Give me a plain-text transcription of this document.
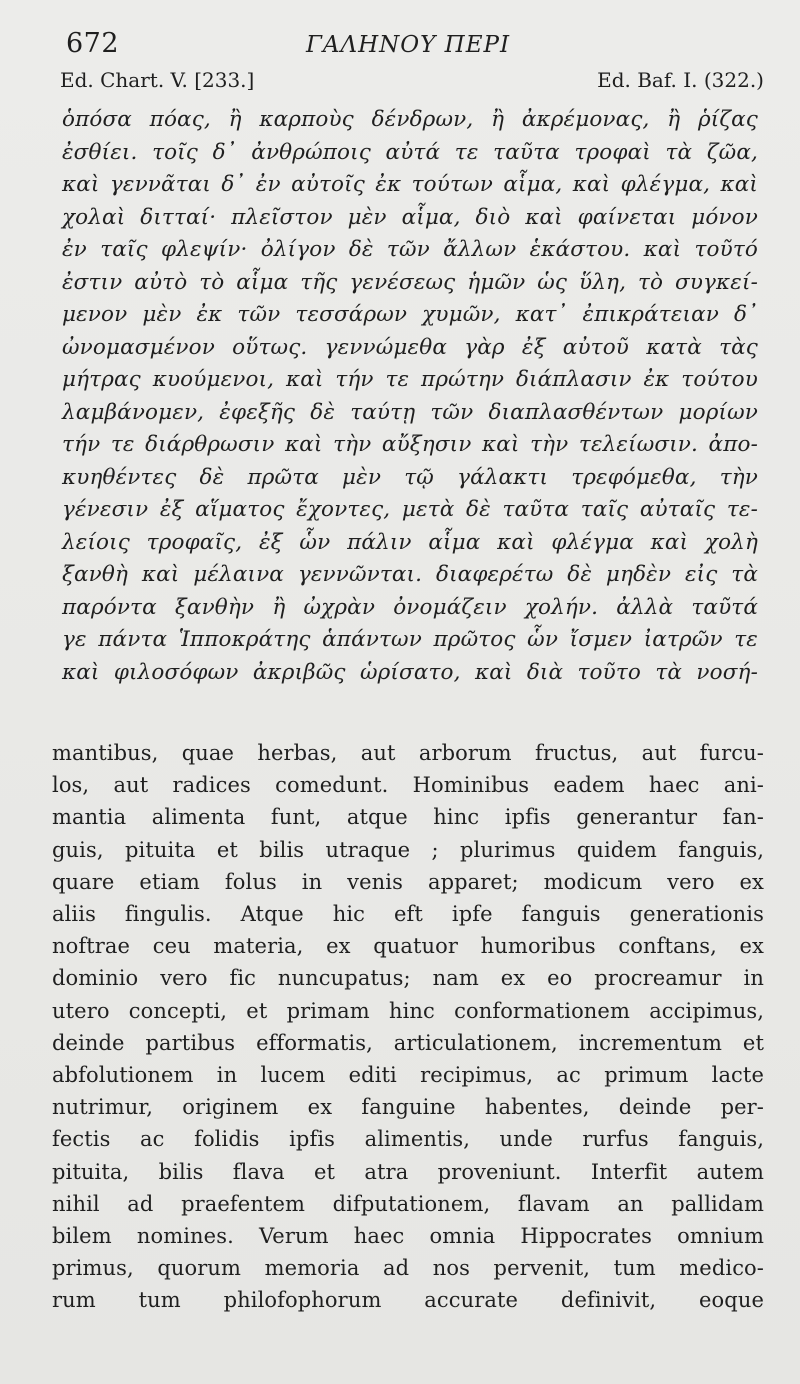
672	ΓΑΛΗΝΟΥ ΠΕΡΙ
Ed. Chart. V. [233.]	Ed. Baf. I. (322.)
ὁπόσα πόας, ἢ καρποὺς δένδρων, ἢ ἀκρέμονας, ἢ ῥίζας
ἐσθίει. τοῖς δ᾽ ἀνθρώποις αὐτά τε ταῦτα τροφαὶ τὰ ζῶα,
καὶ γεννᾶται δ᾽ ἐν αὐτοῖς ἐκ τούτων αἷμα, καὶ φλέγμα, καὶ
χολαὶ διτταί· πλεῖστον μὲν αἷμα, διὸ καὶ φαίνεται μόνον
ἐν ταῖς φλεψίν· ὀλίγον δὲ τῶν ἄλλων ἑκάστου. καὶ τοῦτό
ἐστιν αὐτὸ τὸ αἷμα τῆς γενέσεως ἡμῶν ὡς ὕλη, τὸ συγκεί-
μενον μὲν ἐκ τῶν τεσσάρων χυμῶν, κατ᾽ ἐπικράτειαν δ᾽
ὠνομασμένον οὕτως. γεννώμεθα γὰρ ἐξ αὐτοῦ κατὰ τὰς
μήτρας κυούμενοι, καὶ τήν τε πρώτην διάπλασιν ἐκ τούτου
λαμβάνομεν, ἐφεξῆς δὲ ταύτῃ τῶν διαπλασθέντων μορίων
τήν τε διάρθρωσιν καὶ τὴν αὔξησιν καὶ τὴν τελείωσιν. ἀπο-
κυηθέντες δὲ πρῶτα μὲν τῷ γάλακτι τρεφόμεθα, τὴν
γένεσιν ἐξ αἵματος ἔχοντες, μετὰ δὲ ταῦτα ταῖς αὐταῖς τε-
λείοις τροφαῖς, ἐξ ὧν πάλιν αἷμα καὶ φλέγμα καὶ χολὴ
ξανθὴ καὶ μέλαινα γεννῶνται. διαφερέτω δὲ μηδὲν εἰς τὰ
παρόντα ξανθὴν ἢ ὠχρὰν ὀνομάζειν χολήν. ἀλλὰ ταῦτά
γε πάντα Ἱπποκράτης ἁπάντων πρῶτος ὧν ἴσμεν ἰατρῶν τε
καὶ φιλοσόφων ἀκριβῶς ὡρίσατο, καὶ διὰ τοῦτο τὰ νοσή-
mantibus, quae herbas, aut arborum fructus, aut furcu-
los, aut radices comedunt. Hominibus eadem haec ani-
mantia alimenta funt, atque hinc ipfis generantur fan-
guis, pituita et bilis utraque ; plurimus quidem fanguis,
quare etiam folus in venis apparet; modicum vero ex
aliis fingulis. Atque hic eft ipfe fanguis generationis
noftrae ceu materia, ex quatuor humoribus conftans, ex
dominio vero fic nuncupatus; nam ex eo procreamur in
utero concepti, et primam hinc conformationem accipimus,
deinde partibus efformatis, articulationem, incrementum et
abfolutionem in lucem editi recipimus, ac primum lacte
nutrimur, originem ex fanguine habentes, deinde per-
fectis ac folidis ipfis alimentis, unde rurfus fanguis,
pituita, bilis flava et atra proveniunt. Interfit autem
nihil ad praefentem difputationem, flavam an pallidam
bilem nomines. Verum haec omnia Hippocrates omnium
primus, quorum memoria ad nos pervenit, tum medico-
rum tum philofophorum accurate definivit, eoque
